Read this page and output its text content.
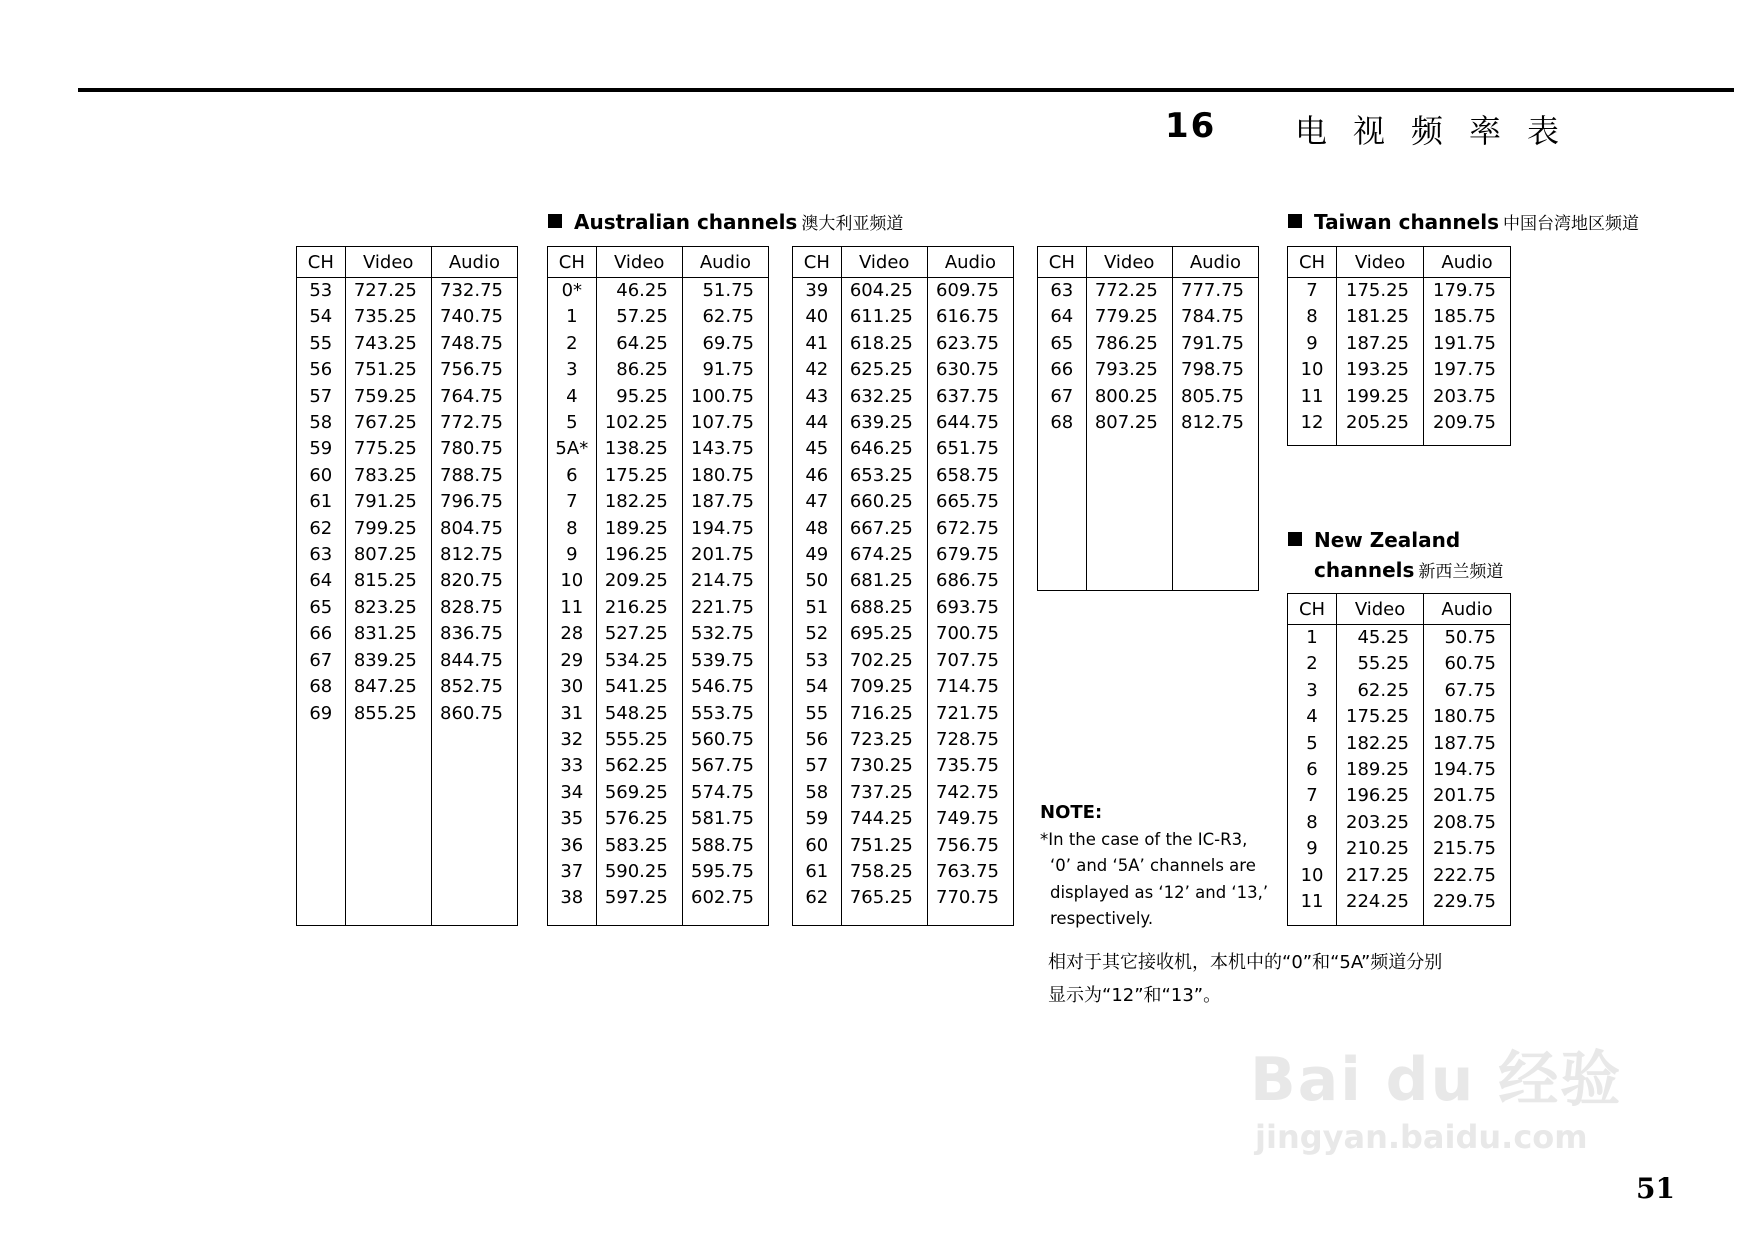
16 电视频率表
Australian channels 澳大利亚频道	Taiwan channels 中国台湾地区频道
New Zealand
channels 新西兰频道
CH	Video	Audio
53	727.25	732.75
54	735.25	740.75
55	743.25	748.75
56	751.25	756.75
57	759.25	764.75
58	767.25	772.75
59	775.25	780.75
60	783.25	788.75
61	791.25	796.75
62	799.25	804.75
63	807.25	812.75
64	815.25	820.75
65	823.25	828.75
66	831.25	836.75
67	839.25	844.75
68	847.25	852.75
69	855.25	860.75

CH	Video	Audio
0*	46.25	51.75
1	57.25	62.75
2	64.25	69.75
3	86.25	91.75
4	95.25	100.75
5	102.25	107.75
5A*	138.25	143.75
6	175.25	180.75
7	182.25	187.75
8	189.25	194.75
9	196.25	201.75
10	209.25	214.75
11	216.25	221.75
28	527.25	532.75
29	534.25	539.75
30	541.25	546.75
31	548.25	553.75
32	555.25	560.75
33	562.25	567.75
34	569.25	574.75
35	576.25	581.75
36	583.25	588.75
37	590.25	595.75
38	597.25	602.75

CH	Video	Audio
39	604.25	609.75
40	611.25	616.75
41	618.25	623.75
42	625.25	630.75
43	632.25	637.75
44	639.25	644.75
45	646.25	651.75
46	653.25	658.75
47	660.25	665.75
48	667.25	672.75
49	674.25	679.75
50	681.25	686.75
51	688.25	693.75
52	695.25	700.75
53	702.25	707.75
54	709.25	714.75
55	716.25	721.75
56	723.25	728.75
57	730.25	735.75
58	737.25	742.75
59	744.25	749.75
60	751.25	756.75
61	758.25	763.75
62	765.25	770.75

CH	Video	Audio
63	772.25	777.75
64	779.25	784.75
65	786.25	791.75
66	793.25	798.75
67	800.25	805.75
68	807.25	812.75

CH	Video	Audio
7	175.25	179.75
8	181.25	185.75
9	187.25	191.75
10	193.25	197.75
11	199.25	203.75
12	205.25	209.75

CH	Video	Audio
1	45.25	50.75
2	55.25	60.75
3	62.25	67.75
4	175.25	180.75
5	182.25	187.75
6	189.25	194.75
7	196.25	201.75
8	203.25	208.75
9	210.25	215.75
10	217.25	222.75
11	224.25	229.75

NOTE:
*In the case of the IC-R3,
‘0’ and ‘5A’ channels are
displayed as ‘12’ and ‘13,’
respectively.
相对于其它接收机，本机中的“0”和“5A”频道分别
显示为“12”和“13”。
Bai du 经验
jingyan.baidu.com
51
